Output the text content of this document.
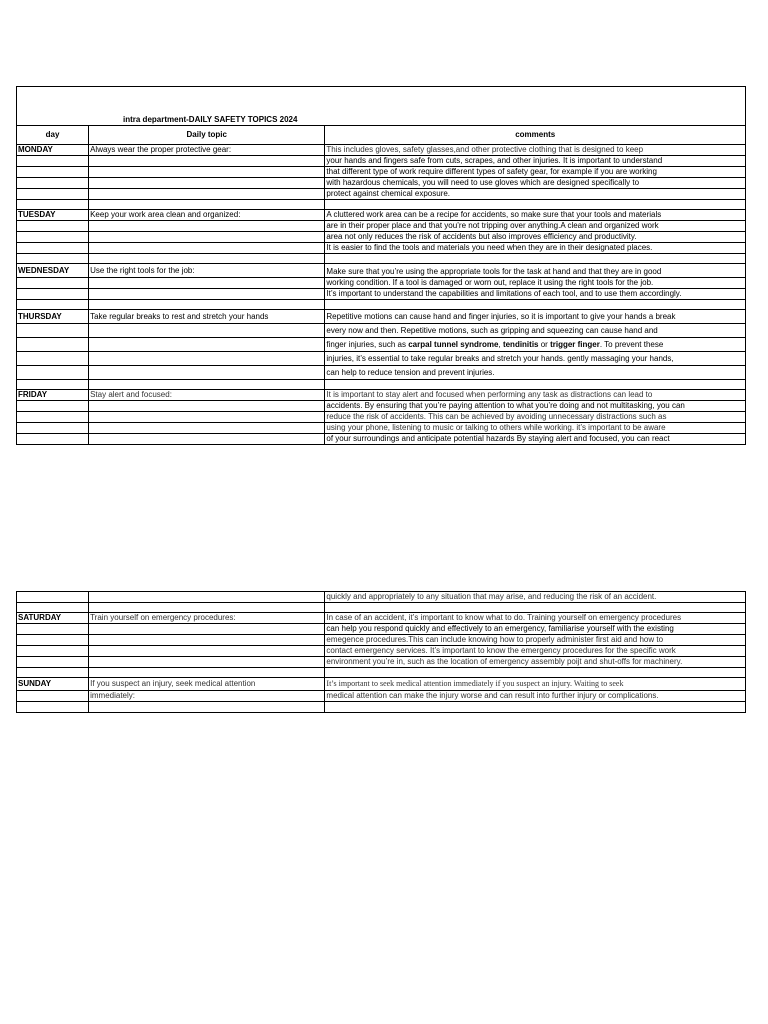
intra department-DAILY SAFETY TOPICS 2024		
day	Daily topic	comments
MONDAY	Always wear the proper protective gear:	This includes gloves, safety glasses,and other protective clothing that is designed to keep
		your hands and fingers safe from cuts, scrapes, and other injuries. It is important to understand
		that different type of work require different types of safety gear, for example if you are working
		with hazardous chemicals, you will need to use gloves which are designed specifically to
		protect against chemical exposure.

TUESDAY	Keep your work area clean and organized:	A cluttered work area can be a recipe for accidents, so make sure that your tools and materials
		are in their proper place and that you’re not tripping over anything.A clean and organized work
		area not only reduces the risk of accidents but also improves efficiency and productivity.
		It is easier to find the tools and materials you need when they are in their designated places.

WEDNESDAY	Use the right tools for the job:	Make sure that you’re using the appropriate tools for the task at hand and that they are in good
		working condition. If a tool is damaged or worn out, replace it using the right tools for the job.
		It’s important to understand the capabilities and limitations of each tool, and to use them accordingly.

THURSDAY	Take regular breaks to rest and stretch your hands	Repetitive motions can cause hand and finger injuries, so it is important to give your hands a break
		every now and then. Repetitive motions, such as gripping and squeezing can cause hand and
		finger injuries, such as carpal tunnel syndrome, tendinitis or trigger finger. To prevent these
		injuries, it’s essential to take regular breaks and stretch your hands. gently massaging your hands,
		can help to reduce tension and prevent injuries.

FRIDAY	Stay alert and focused:	It is important to stay alert and focused when performing any task as distractions can lead to
		accidents. By ensuring that you’re paying attention to what you’re doing and not multitasking, you can
		reduce the risk of accidents. This can be achieved by avoiding unnecessary distractions such as
		using your phone, listening to music or talking to others while working. it’s important to be aware
		of your surroundings and anticipate potential hazards By staying alert and focused, you can react
		quickly and appropriately to any situation that may arise, and reducing the risk of an accident.

SATURDAY	Train yourself on emergency procedures:	In case of an accident, it’s important to know what to do. Training yourself on emergency procedures
		can help you respond quickly and effectively to an emergency, familiarise yourself with the existing
		emegence procedures.This can include knowing how to properly administer first aid and how to
		contact emergency services. It’s important to know the emergency procedures for the specific work
		environment you’re in, such as the location of emergency assembly poijt and shut-offs for machinery.

SUNDAY	If you suspect an injury, seek medical attention	It’s important to seek medical attention immediately if you suspect an injury. Waiting to seek
	immediately:	medical attention can make the injury worse and can result into further injury or complications.
